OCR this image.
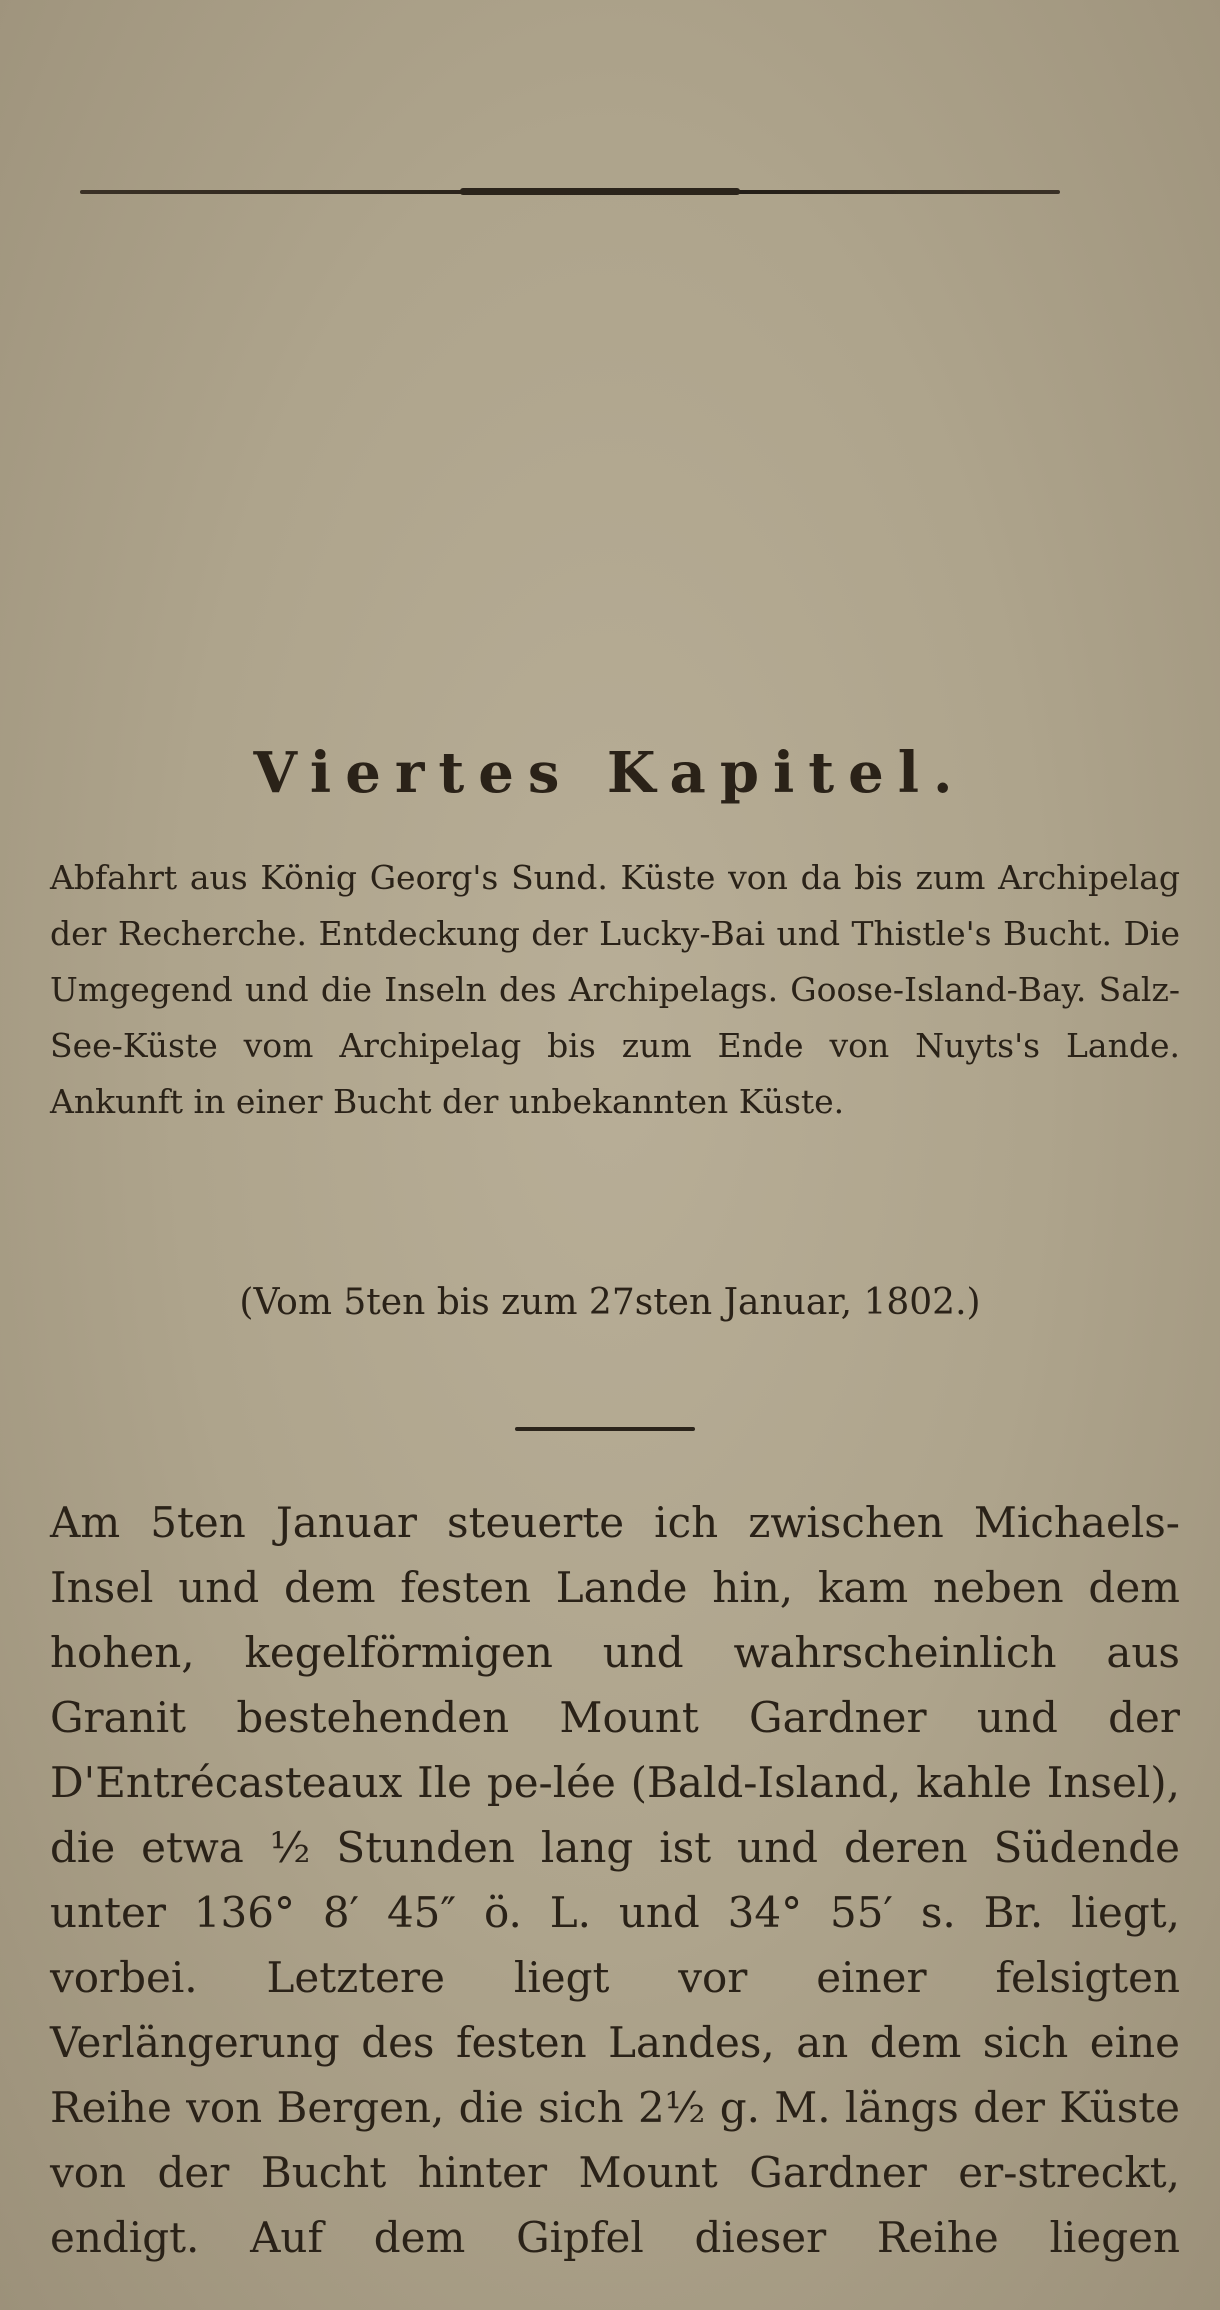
Viertes Kapitel.

Abfahrt aus König Georg's Sund. Küste von da bis zum Archipelag der Recherche. Entdeckung der Lucky-Bai und Thistle's Bucht. Die Umgegend und die Inseln des Archipelags. Goose-Island-Bay. Salz-See-Küste vom Archipelag bis zum Ende von Nuyts's Lande. Ankunft in einer Bucht der unbekannten Küste.

(Vom 5ten bis zum 27sten Januar, 1802.)

Am 5ten Januar steuerte ich zwischen Michaels-Insel und dem festen Lande hin, kam neben dem hohen, kegelförmigen und wahrscheinlich aus Granit bestehenden Mount Gardner und der D'Entrécasteaux Ile pe-lée (Bald-Island, kahle Insel), die etwa ½ Stunden lang ist und deren Südende unter 136° 8′ 45″ ö. L. und 34° 55′ s. Br. liegt, vorbei. Letztere liegt vor einer felsigten Verlängerung des festen Landes, an dem sich eine Reihe von Bergen, die sich 2½ g. M. längs der Küste von der Bucht hinter Mount Gardner er-streckt, endigt. Auf dem Gipfel dieser Reihe liegen
